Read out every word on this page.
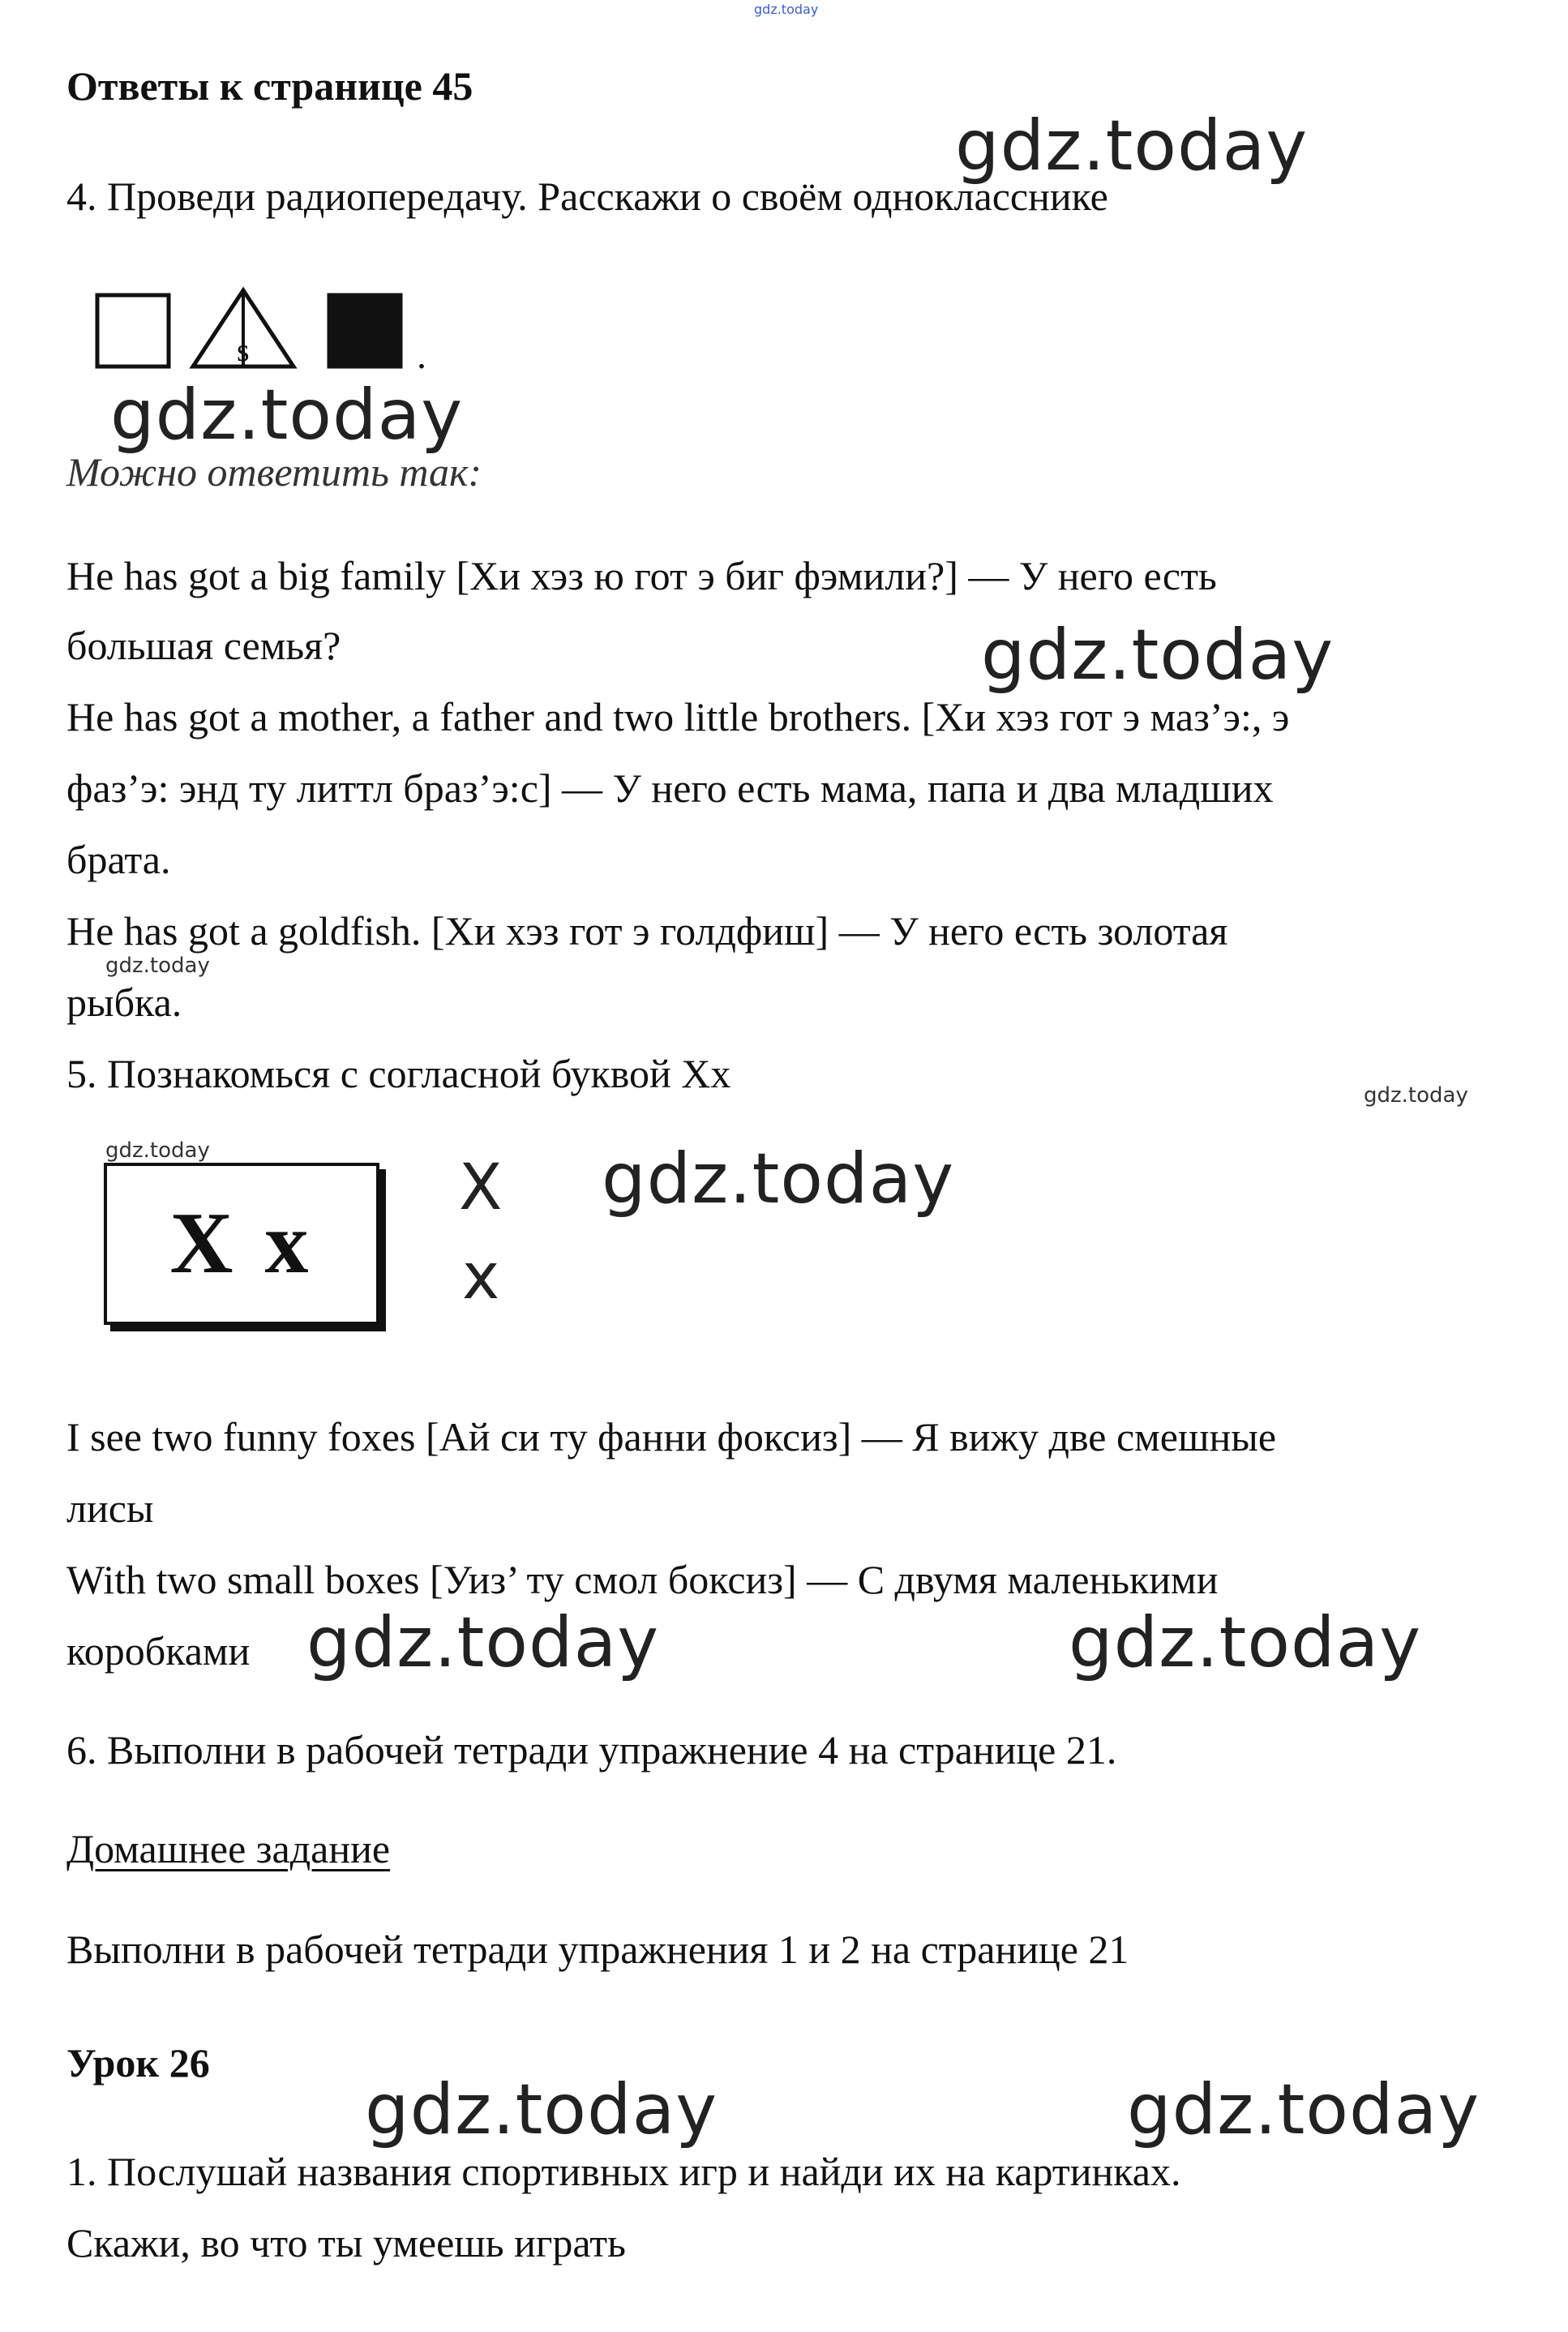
gdz.today

Ответы к странице 45

4. Проведи радиопередачу. Расскажи о своём однокласснике

gdz.today
s	.
gdz.today

Можно ответить так:

He has got a big family [Хи хэз ю гот э биг фэмили?] — У него есть

большая семья?	gdz.today

He has got a mother, a father and two little brothers. [Хи хэз гот э маз’э:, э

фаз’э: энд ту литтл браз’э:с] — У него есть мама, папа и два младших

брата.

He has got a goldfish. [Хи хэз гот э голдфиш] — У него есть золотая

gdz.today

рыбка.

5. Познакомься с согласной буквой Xx	gdz.today
gdz.today
X x
X
x
gdz.today

I see two funny foxes [Ай си ту фанни фоксиз] — Я вижу две смешные

лисы

With two small boxes [Уиз’ ту смол боксиз] — С двумя маленькими

коробками gdz.today	gdz.today

6. Выполни в рабочей тетради упражнение 4 на странице 21.

Домашнее задание

Выполни в рабочей тетради упражнения 1 и 2 на странице 21

Урок 26

gdz.today	gdz.today

1. Послушай названия спортивных игр и найди их на картинках.

Скажи, во что ты умеешь играть
